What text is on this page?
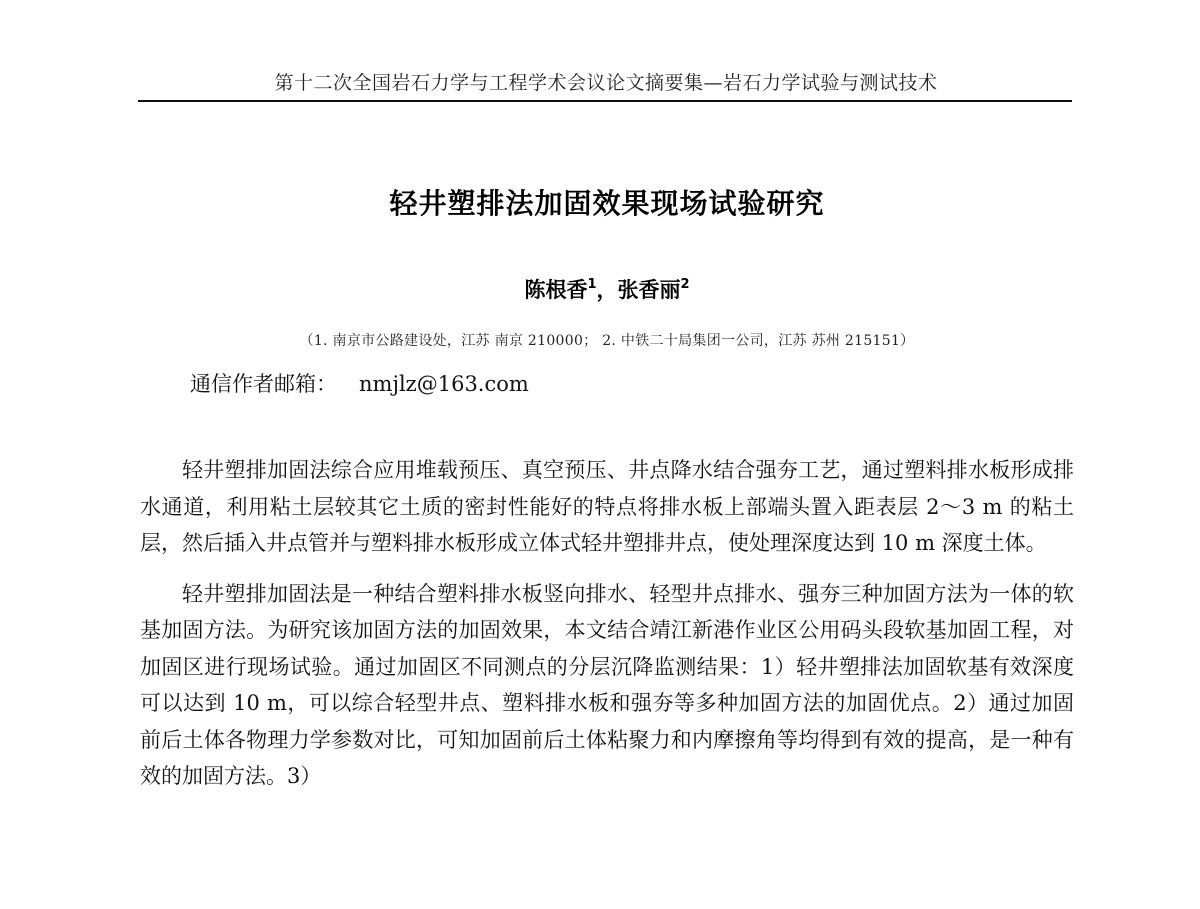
第十二次全国岩石力学与工程学术会议论文摘要集—岩石力学试验与测试技术
轻井塑排法加固效果现场试验研究
陈根香$^1$，张香丽$^2$
（1. 南京市公路建设处，江苏 南京 210000； 2. 中铁二十局集团一公司，江苏 苏州 215151）
通信作者邮箱： nmjlz@163.com

轻井塑排加固法综合应用堆载预压、真空预压、井点降水结合强夯工艺，通过塑料排水板形成排水通道，利用粘土层较其它土质的密封性能好的特点将排水板上部端头置入距表层 2～3 m 的粘土层，然后插入井点管并与塑料排水板形成立体式轻井塑排井点，使处理深度达到 10 m 深度土体。

轻井塑排加固法是一种结合塑料排水板竖向排水、轻型井点排水、强夯三种加固方法为一体的软基加固方法。为研究该加固方法的加固效果，本文结合靖江新港作业区公用码头段软基加固工程，对加固区进行现场试验。通过加固区不同测点的分层沉降监测结果：1）轻井塑排法加固软基有效深度可以达到 10 m，可以综合轻型井点、塑料排水板和强夯等多种加固方法的加固优点。2）通过加固前后土体各物理力学参数对比，可知加固前后土体粘聚力和内摩擦角等均得到有效的提高，是一种有效的加固方法。3）
